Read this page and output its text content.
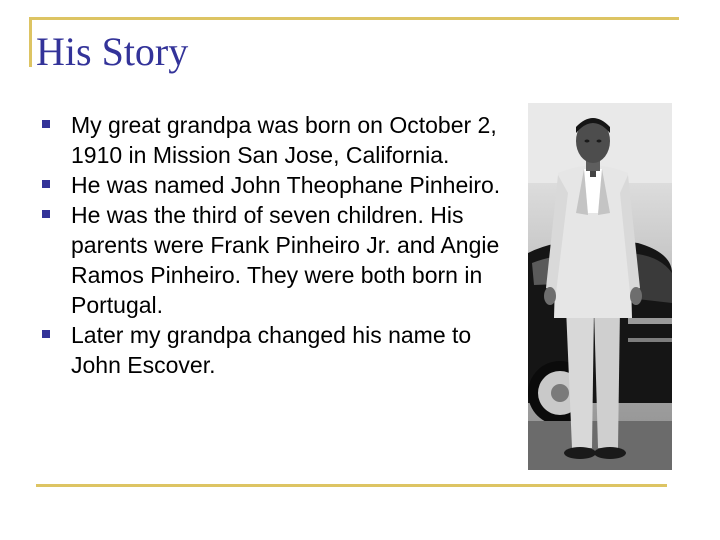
His Story
My great grandpa was born on October 2, 1910 in Mission San Jose, California.
He was named John Theophane Pinheiro.
He was the third of seven children. His parents were Frank Pinheiro Jr. and Angie Ramos Pinheiro. They were both born in Portugal.
Later my grandpa changed his name to John Escover.
